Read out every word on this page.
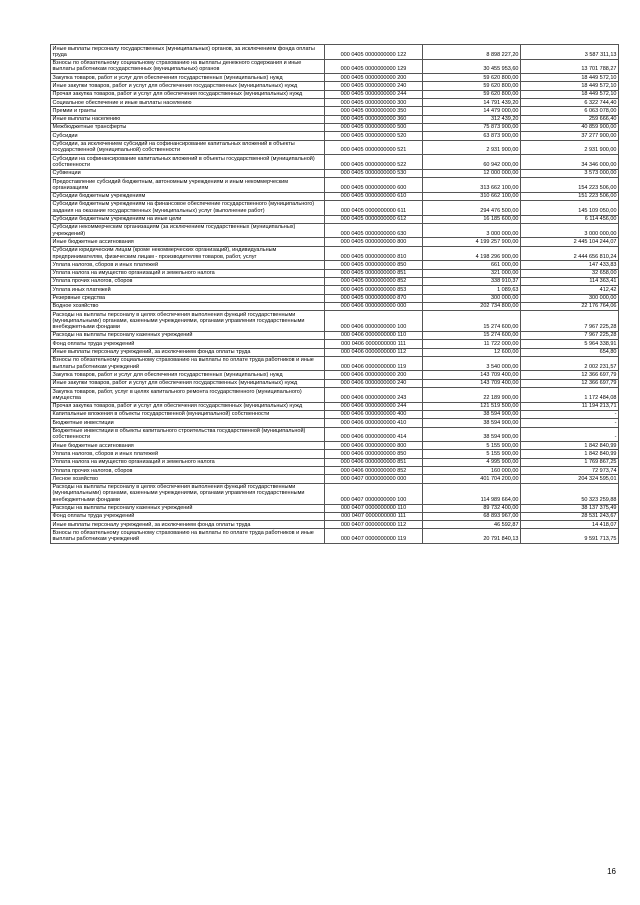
Иные выплаты персоналу государственных (муниципальных) органов, за исключением фонда оплаты труда	000 0405 0000000000 122	8 898 227,20	3 587 311,13
Взносы по обязательному социальному страхованию на выплаты денежного содержания и иные выплаты работникам государственных (муниципальных) органов	000 0405 0000000000 129	30 455 953,60	13 701 788,27
Закупка товаров, работ и услуг для обеспечения государственных (муниципальных) нужд	000 0405 0000000000 200	59 620 800,00	18 449 572,10
Иные закупки товаров, работ и услуг для обеспечения государственных (муниципальных) нужд	000 0405 0000000000 240	59 620 800,00	18 449 572,10
Прочая закупка товаров, работ и услуг для обеспечения государственных (муниципальных) нужд	000 0405 0000000000 244	59 620 800,00	18 449 572,10
Социальное обеспечение и иные выплаты населению	000 0405 0000000000 300	14 791 439,20	6 322 744,40
Премии и гранты	000 0405 0000000000 350	14 479 000,00	6 063 078,00
Иные выплаты населению	000 0405 0000000000 360	312 439,20	259 666,40
Межбюджетные трансферты	000 0405 0000000000 500	75 873 900,00	40 859 900,00
Субсидии	000 0405 0000000000 520	63 873 900,00	37 277 900,00
Субсидии, за исключением субсидий на софинансирование капитальных вложений в объекты государственной (муниципальной) собственности	000 0405 0000000000 521	2 931 900,00	2 931 900,00
Субсидии на софинансирование капитальных вложений в объекты государственной (муниципальной) собственности	000 0405 0000000000 522	60 942 000,00	34 346 000,00
Субвенции	000 0405 0000000000 530	12 000 000,00	3 573 000,00
Предоставление субсидий бюджетным, автономным учреждениям и иным некоммерческим организациям	000 0405 0000000000 600	313 662 100,00	154 223 506,00
Субсидии бюджетным учреждениям	000 0405 0000000000 610	310 662 100,00	151 223 506,00
Субсидии бюджетным учреждениям на финансовое обеспечение государственного (муниципального) задания на оказание государственных (муниципальных) услуг (выполнение работ)	000 0405 0000000000 611	294 476 500,00	145 109 050,00
Субсидии бюджетным учреждениям на иные цели	000 0405 0000000000 612	16 185 600,00	6 114 456,00
Субсидии некоммерческим организациям (за исключением государственных (муниципальных) учреждений)	000 0405 0000000000 630	3 000 000,00	3 000 000,00
Иные бюджетные ассигнования	000 0405 0000000000 800	4 199 257 900,00	2 445 104 244,07
Субсидии юридическим лицам (кроме некоммерческих организаций), индивидуальным предпринимателям, физическим лицам - производителям товаров, работ, услуг	000 0405 0000000000 810	4 198 296 900,00	2 444 656 810,24
Уплата налогов, сборов и иных платежей	000 0405 0000000000 850	661 000,00	147 433,83
Уплата налога на имущество организаций и земельного налога	000 0405 0000000000 851	321 000,00	32 658,00
Уплата прочих налогов, сборов	000 0405 0000000000 852	338 910,37	114 363,41
Уплата иных платежей	000 0405 0000000000 853	1 089,63	412,42
Резервные средства	000 0405 0000000000 870	300 000,00	300 000,00
Водное хозяйство	000 0406 0000000000 000	202 734 800,00	22 176 764,06
Расходы на выплаты персоналу в целях обеспечения выполнения функций государственными (муниципальными) органами, казенными учреждениями, органами управления государственными внебюджетными фондами	000 0406 0000000000 100	15 274 600,00	7 967 225,28
Расходы на выплаты персоналу казенных учреждений	000 0406 0000000000 110	15 274 600,00	7 967 225,28
Фонд оплаты труда учреждений	000 0406 0000000000 111	11 722 000,00	5 964 338,91
Иные выплаты персоналу учреждений, за исключением фонда оплаты труда	000 0406 0000000000 112	12 600,00	654,80
Взносы по обязательному социальному страхованию на выплаты по оплате труда работников и иные выплаты работникам учреждений	000 0406 0000000000 119	3 540 000,00	2 002 231,57
Закупка товаров, работ и услуг для обеспечения государственных (муниципальных) нужд	000 0406 0000000000 200	143 709 400,00	12 366 697,79
Иные закупки товаров, работ и услуг для обеспечения государственных (муниципальных) нужд	000 0406 0000000000 240	143 709 400,00	12 366 697,79
Закупка товаров, работ, услуг в целях капитального ремонта государственного (муниципального) имущества	000 0406 0000000000 243	22 189 900,00	1 172 484,08
Прочая закупка товаров, работ и услуг для обеспечения государственных (муниципальных) нужд	000 0406 0000000000 244	121 519 500,00	11 194 213,71
Капитальные вложения в объекты государственной (муниципальной) собственности	000 0406 0000000000 400	38 594 900,00	-
Бюджетные инвестиции	000 0406 0000000000 410	38 594 900,00	-
Бюджетные инвестиции в объекты капитального строительства государственной (муниципальной) собственности	000 0406 0000000000 414	38 594 900,00	-
Иные бюджетные ассигнования	000 0406 0000000000 800	5 155 900,00	1 842 840,99
Уплата налогов, сборов и иных платежей	000 0406 0000000000 850	5 155 900,00	1 842 840,99
Уплата налога на имущество организаций и земельного налога	000 0406 0000000000 851	4 995 900,00	1 769 867,25
Уплата прочих налогов, сборов	000 0406 0000000000 852	160 000,00	72 973,74
Лесное хозяйство	000 0407 0000000000 000	401 704 200,00	204 324 595,01
Расходы на выплаты персоналу в целях обеспечения выполнения функций государственными (муниципальными) органами, казенными учреждениями, органами управления государственными внебюджетными фондами	000 0407 0000000000 100	114 989 664,00	50 323 259,88
Расходы на выплаты персоналу казенных учреждений	000 0407 0000000000 110	89 732 400,00	38 137 375,49
Фонд оплаты труда учреждений	000 0407 0000000000 111	68 893 967,00	28 531 243,67
Иные выплаты персоналу учреждений, за исключением фонда оплаты труда	000 0407 0000000000 112	46 592,87	14 418,07
Взносы по обязательному социальному страхованию на выплаты по оплате труда работников и иные выплаты работникам учреждений	000 0407 0000000000 119	20 791 840,13	9 591 713,75
16
